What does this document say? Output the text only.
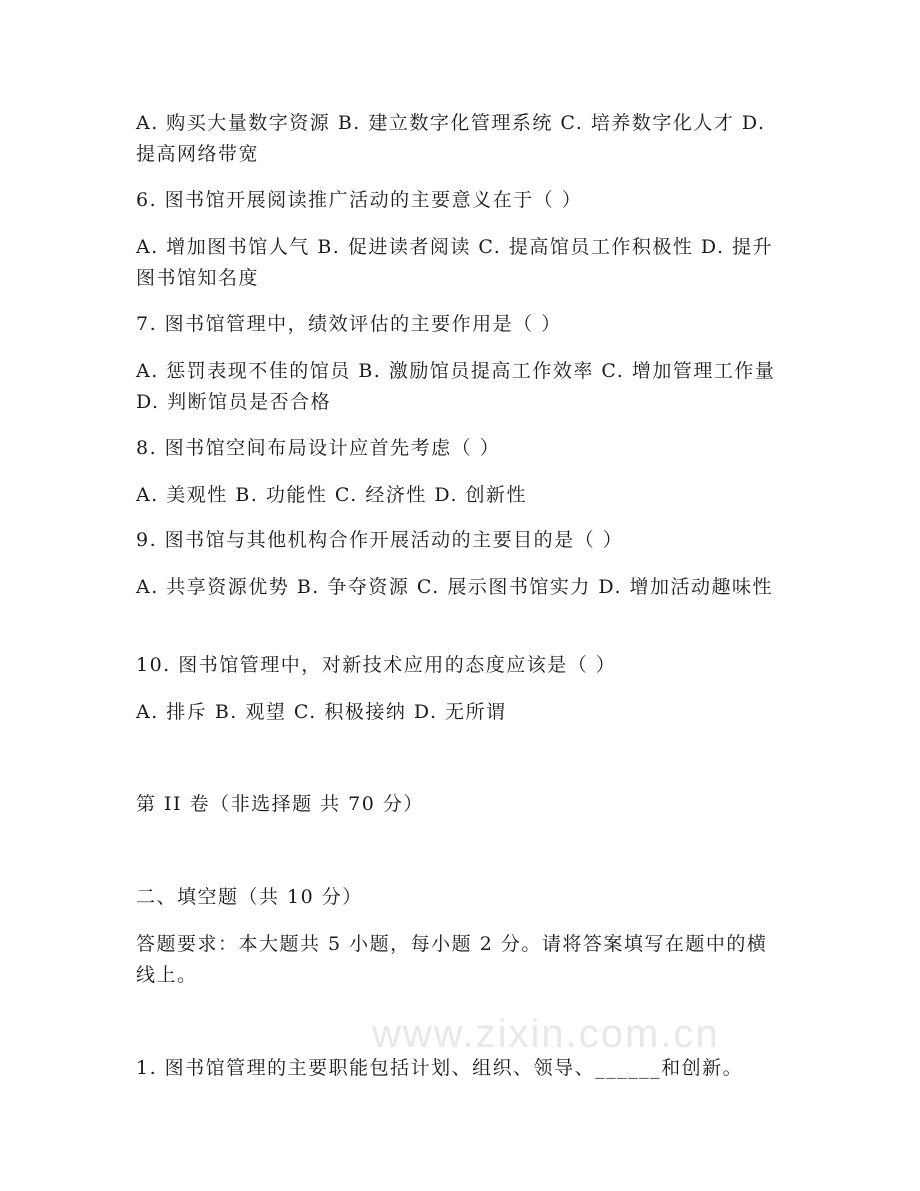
www.zixin.com.cn

A. 购买大量数字资源 B. 建立数字化管理系统 C. 培养数字化人才 D. 提高网络带宽

6. 图书馆开展阅读推广活动的主要意义在于（ ）

A. 增加图书馆人气 B. 促进读者阅读 C. 提高馆员工作积极性 D. 提升图书馆知名度

7. 图书馆管理中，绩效评估的主要作用是（ ）

A. 惩罚表现不佳的馆员 B. 激励馆员提高工作效率 C. 增加管理工作量 D. 判断馆员是否合格

8. 图书馆空间布局设计应首先考虑（ ）

A. 美观性 B. 功能性 C. 经济性 D. 创新性

9. 图书馆与其他机构合作开展活动的主要目的是（ ）

A. 共享资源优势 B. 争夺资源 C. 展示图书馆实力 D. 增加活动趣味性

10. 图书馆管理中，对新技术应用的态度应该是（ ）

A. 排斥 B. 观望 C. 积极接纳 D. 无所谓

第 II 卷（非选择题 共 70 分）

二、填空题（共 10 分）

答题要求：本大题共 5 小题，每小题 2 分。请将答案填写在题中的横线上。

1. 图书馆管理的主要职能包括计划、组织、领导、______和创新。
